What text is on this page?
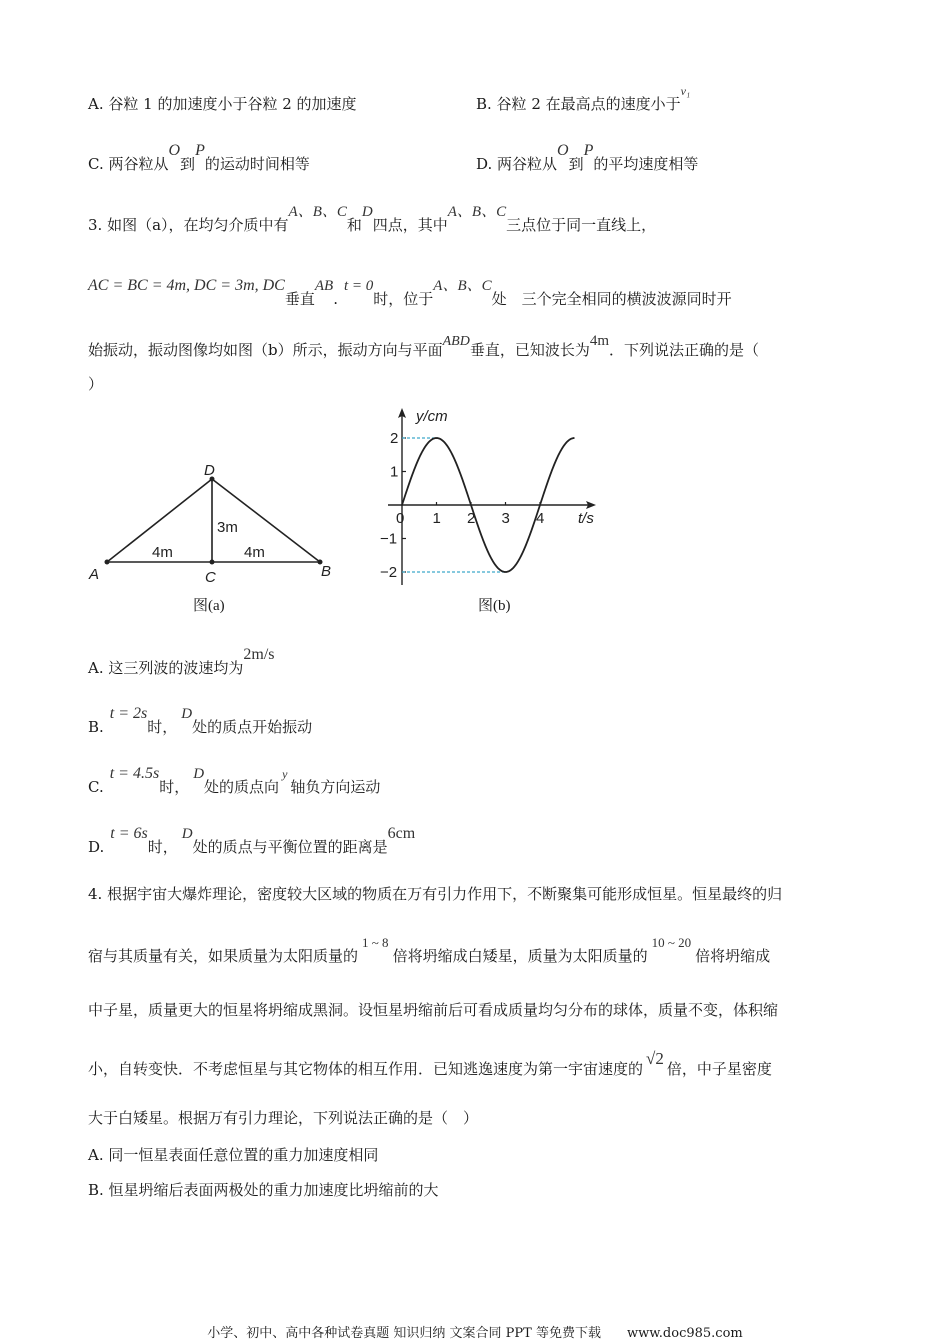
A. 谷粒 1 的加速度小于谷粒 2 的加速度	B. 谷粒 2 在最高点的速度小于$^{v_1}$
C. 两谷粒从O到P的运动时间相等	D. 两谷粒从O到P的平均速度相等
3. 如图（a），在均匀介质中有A、B、C和D四点，其中A、B、C三点位于同一直线上，
AC = BC = 4m, DC = 3m, DC垂直AB.t = 0时，位于A、B、C处　三个完全相同的横波波源同时开
始振动，振动图像均如图（b）所示，振动方向与平面ABD垂直，已知波长为4m．下列说法正确的是（
）
D
A	C	B
3m
4m	4m
图(a)
y/cm
t/s
0 1 2 3 4
2
1
−1
−2
图(b)
A. 这三列波的波速均为2m/s
B.t = 2s时，D处的质点开始振动
C.t = 4.5s时，D处的质点向$^y$轴负方向运动
D.t = 6s时，D处的质点与平衡位置的距离是6cm
4. 根据宇宙大爆炸理论，密度较大区域的物质在万有引力作用下，不断聚集可能形成恒星。恒星最终的归
宿与其质量有关，如果质量为太阳质量的1 ~ 8倍将坍缩成白矮星，质量为太阳质量的10 ~ 20倍将坍缩成
中子星，质量更大的恒星将坍缩成黑洞。设恒星坍缩前后可看成质量均匀分布的球体，质量不变，体积缩
小，自转变快．不考虑恒星与其它物体的相互作用．已知逃逸速度为第一宇宙速度的√2倍，中子星密度
大于白矮星。根据万有引力理论，下列说法正确的是（　）
A. 同一恒星表面任意位置的重力加速度相同
B. 恒星坍缩后表面两极处的重力加速度比坍缩前的大
小学、初中、高中各种试卷真题 知识归纳 文案合同 PPT 等免费下载　　www.doc985.com
